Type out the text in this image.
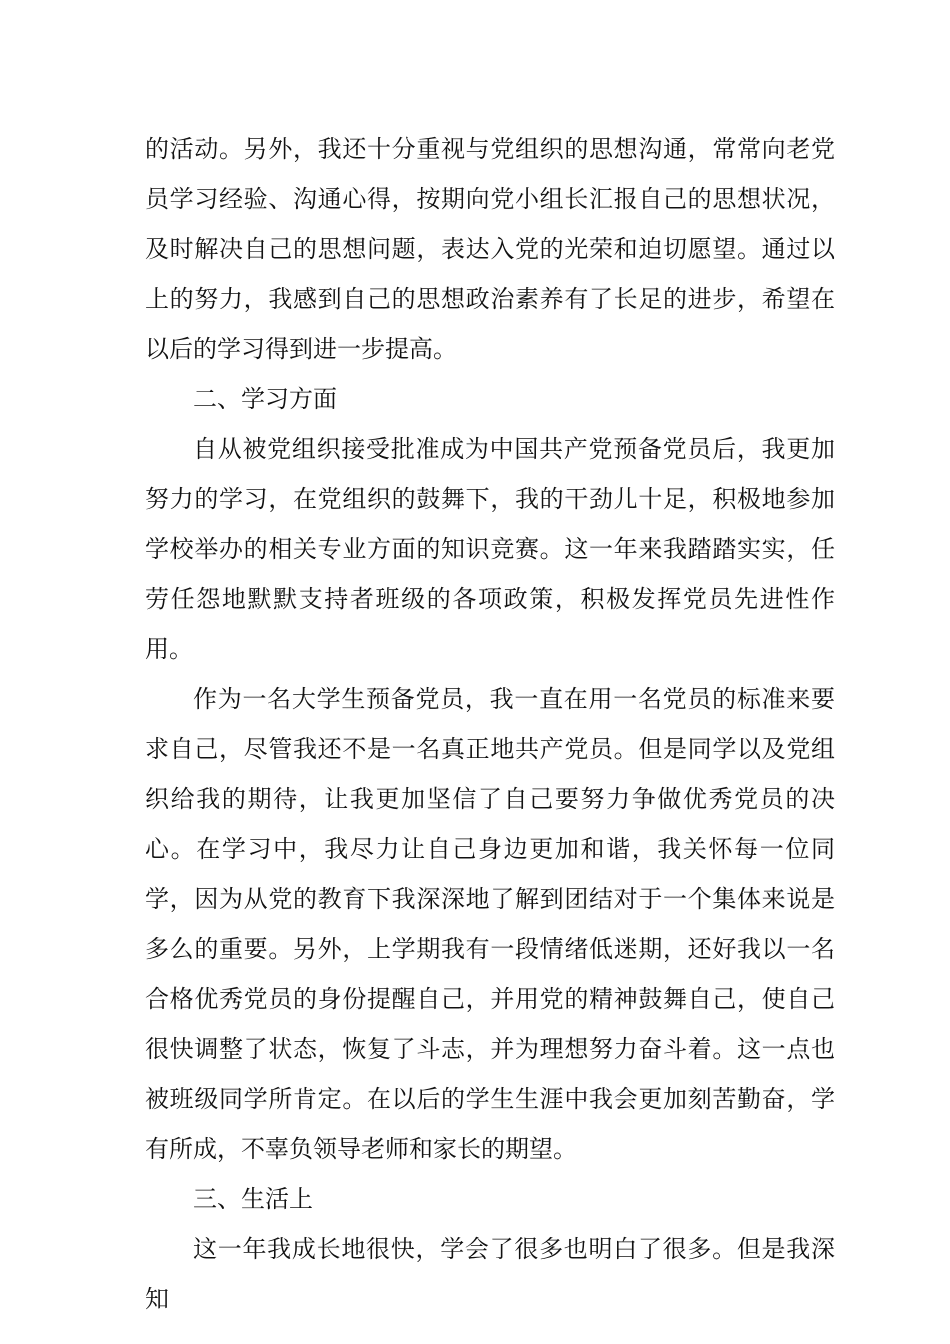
的活动。另外，我还十分重视与党组织的思想沟通，常常向老党员学习经验、沟通心得，按期向党小组长汇报自己的思想状况，及时解决自己的思想问题，表达入党的光荣和迫切愿望。通过以上的努力，我感到自己的思想政治素养有了长足的进步，希望在以后的学习得到进一步提高。

二、学习方面

自从被党组织接受批准成为中国共产党预备党员后，我更加努力的学习，在党组织的鼓舞下，我的干劲儿十足，积极地参加学校举办的相关专业方面的知识竞赛。这一年来我踏踏实实，任劳任怨地默默支持者班级的各项政策，积极发挥党员先进性作用。

作为一名大学生预备党员，我一直在用一名党员的标准来要求自己，尽管我还不是一名真正地共产党员。但是同学以及党组织给我的期待，让我更加坚信了自己要努力争做优秀党员的决心。在学习中，我尽力让自己身边更加和谐，我关怀每一位同学，因为从党的教育下我深深地了解到团结对于一个集体来说是多么的重要。另外，上学期我有一段情绪低迷期，还好我以一名合格优秀党员的身份提醒自己，并用党的精神鼓舞自己，使自己很快调整了状态，恢复了斗志，并为理想努力奋斗着。这一点也被班级同学所肯定。在以后的学生生涯中我会更加刻苦勤奋，学有所成，不辜负领导老师和家长的期望。

三、生活上

这一年我成长地很快，学会了很多也明白了很多。但是我深知
